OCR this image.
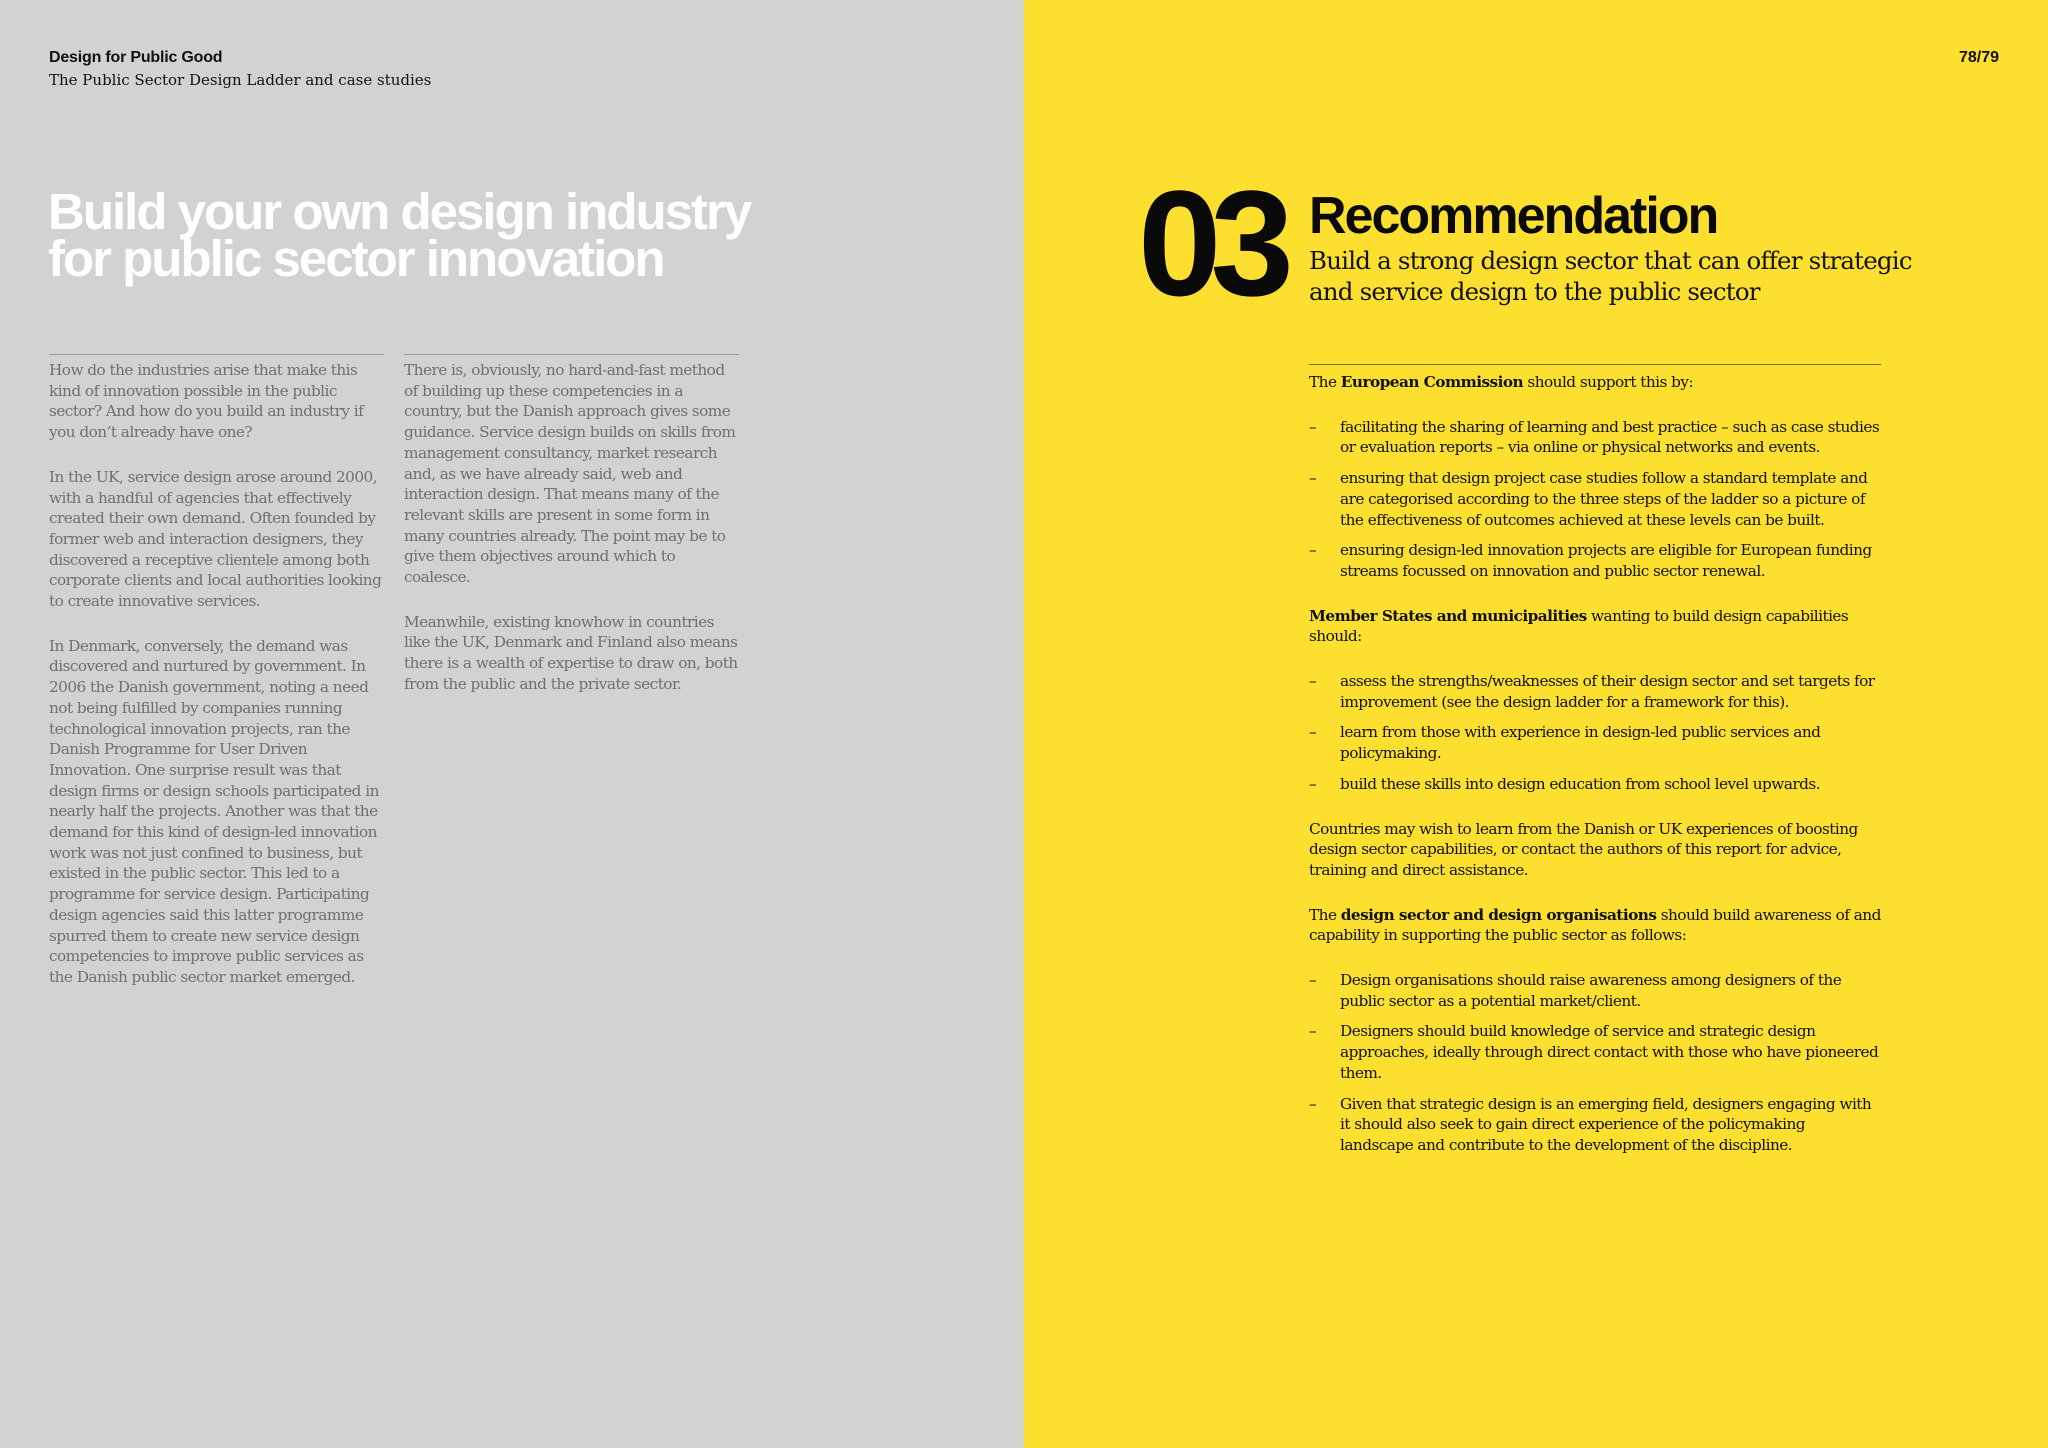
Design for Public Good
The Public Sector Design Ladder and case studies
78/79
Build your own design industry
for public sector innovation

How do the industries arise that make this kind of innovation possible in the public sector? And how do you build an industry if you don’t already have one?

In the UK, service design arose around 2000, with a handful of agencies that effectively created their own demand. Often founded by former web and interaction designers, they discovered a receptive clientele among both corporate clients and local authorities looking to create innovative services.

In Denmark, conversely, the demand was discovered and nurtured by government. In 2006 the Danish government, noting a need not being fulfilled by companies running technological innovation projects, ran the Danish Programme for User Driven Innovation. One surprise result was that design firms or design schools participated in nearly half the projects. Another was that the demand for this kind of design-led innovation work was not just confined to business, but existed in the public sector. This led to a programme for service design. Participating design agencies said this latter programme spurred them to create new service design competencies to improve public services as the Danish public sector market emerged.

There is, obviously, no hard-and-fast method of building up these competencies in a country, but the Danish approach gives some guidance. Service design builds on skills from management consultancy, market research and, as we have already said, web and interaction design. That means many of the relevant skills are present in some form in many countries already. The point may be to give them objectives around which to coalesce.

Meanwhile, existing knowhow in countries like the UK, Denmark and Finland also means there is a wealth of expertise to draw on, both from the public and the private sector.

03 Recommendation
Build a strong design sector that can offer strategic and service design to the public sector

The European Commission should support this by:

– facilitating the sharing of learning and best practice – such as case studies or evaluation reports – via online or physical networks and events.
– ensuring that design project case studies follow a standard template and are categorised according to the three steps of the ladder so a picture of the effectiveness of outcomes achieved at these levels can be built.
– ensuring design-led innovation projects are eligible for European funding streams focussed on innovation and public sector renewal.

Member States and municipalities wanting to build design capabilities should:

– assess the strengths/weaknesses of their design sector and set targets for improvement (see the design ladder for a framework for this).
– learn from those with experience in design-led public services and policymaking.
– build these skills into design education from school level upwards.

Countries may wish to learn from the Danish or UK experiences of boosting design sector capabilities, or contact the authors of this report for advice, training and direct assistance.

The design sector and design organisations should build awareness of and capability in supporting the public sector as follows:

– Design organisations should raise awareness among designers of the public sector as a potential market/client.
– Designers should build knowledge of service and strategic design approaches, ideally through direct contact with those who have pioneered them.
– Given that strategic design is an emerging field, designers engaging with it should also seek to gain direct experience of the policymaking landscape and contribute to the development of the discipline.
